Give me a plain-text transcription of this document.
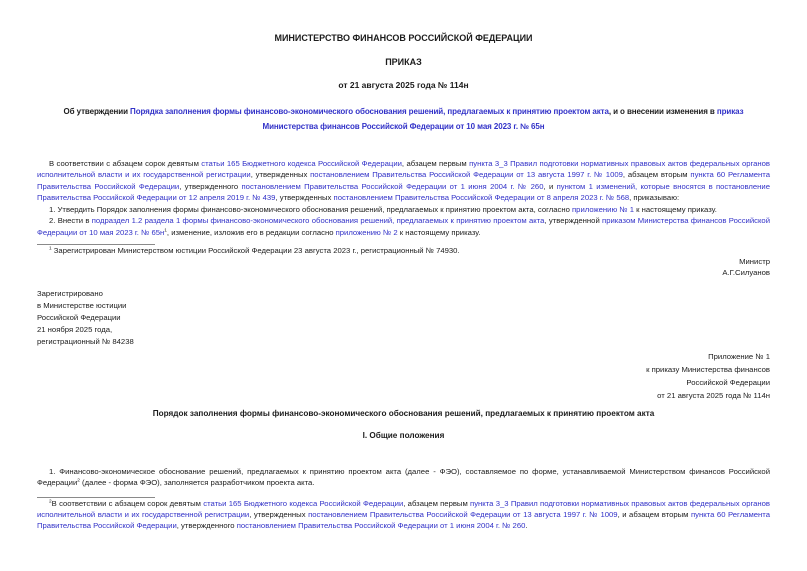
МИНИСТЕРСТВО ФИНАНСОВ РОССИЙСКОЙ ФЕДЕРАЦИИ

ПРИКАЗ

от 21 августа 2025 года № 114н

Об утверждении Порядка заполнения формы финансово-экономического обоснования решений, предлагаемых к принятию проектом акта, и о внесении изменения в приказ Министерства финансов Российской Федерации от 10 мая 2023 г. № 65н

В соответствии с абзацем сорок девятым статьи 165 Бюджетного кодекса Российской Федерации, абзацем первым пункта 3_3 Правил подготовки нормативных правовых актов федеральных органов исполнительной власти и их государственной регистрации, утвержденных постановлением Правительства Российской Федерации от 13 августа 1997 г. № 1009, абзацем вторым пункта 60 Регламента Правительства Российской Федерации, утвержденного постановлением Правительства Российской Федерации от 1 июня 2004 г. № 260, и пунктом 1 изменений, которые вносятся в постановление Правительства Российской Федерации от 12 апреля 2019 г. № 439, утвержденных постановлением Правительства Российской Федерации от 8 апреля 2023 г. № 568, приказываю:

1. Утвердить Порядок заполнения формы финансово-экономического обоснования решений, предлагаемых к принятию проектом акта, согласно приложению № 1 к настоящему приказу.

2. Внести в подраздел 1.2 раздела 1 формы финансово-экономического обоснования решений, предлагаемых к принятию проектом акта, утвержденной приказом Министерства финансов Российской Федерации от 10 мая 2023 г. № $65н^1$, изменение, изложив его в редакции согласно приложению № 2 к настоящему приказу.

$^1$ Зарегистрирован Министерством юстиции Российской Федерации 23 августа 2023 г., регистрационный № 74930.

Министр

А.Г.Силуанов

Зарегистрировано

в Министерстве юстиции

Российской Федерации

21 ноября 2025 года,

регистрационный № 84238

Приложение № 1

к приказу Министерства финансов

Российской Федерации

от 21 августа 2025 года № 114н

Порядок заполнения формы финансово-экономического обоснования решений, предлагаемых к принятию проектом акта

I. Общие положения

1. Финансово-экономическое обоснование решений, предлагаемых к принятию проектом акта (далее - ФЭО), составляемое по форме, устанавливаемой Министерством финансов Российской Федерации$^2$ (далее - форма ФЭО), заполняется разработчиком проекта акта.

$^2$В соответствии с абзацем сорок девятым статьи 165 Бюджетного кодекса Российской Федерации, абзацем первым пункта 3_3 Правил подготовки нормативных правовых актов федеральных органов исполнительной власти и их государственной регистрации, утвержденных постановлением Правительства Российской Федерации от 13 августа 1997 г. № 1009, и абзацем вторым пункта 60 Регламента Правительства Российской Федерации, утвержденного постановлением Правительства Российской Федерации от 1 июня 2004 г. № 260.
